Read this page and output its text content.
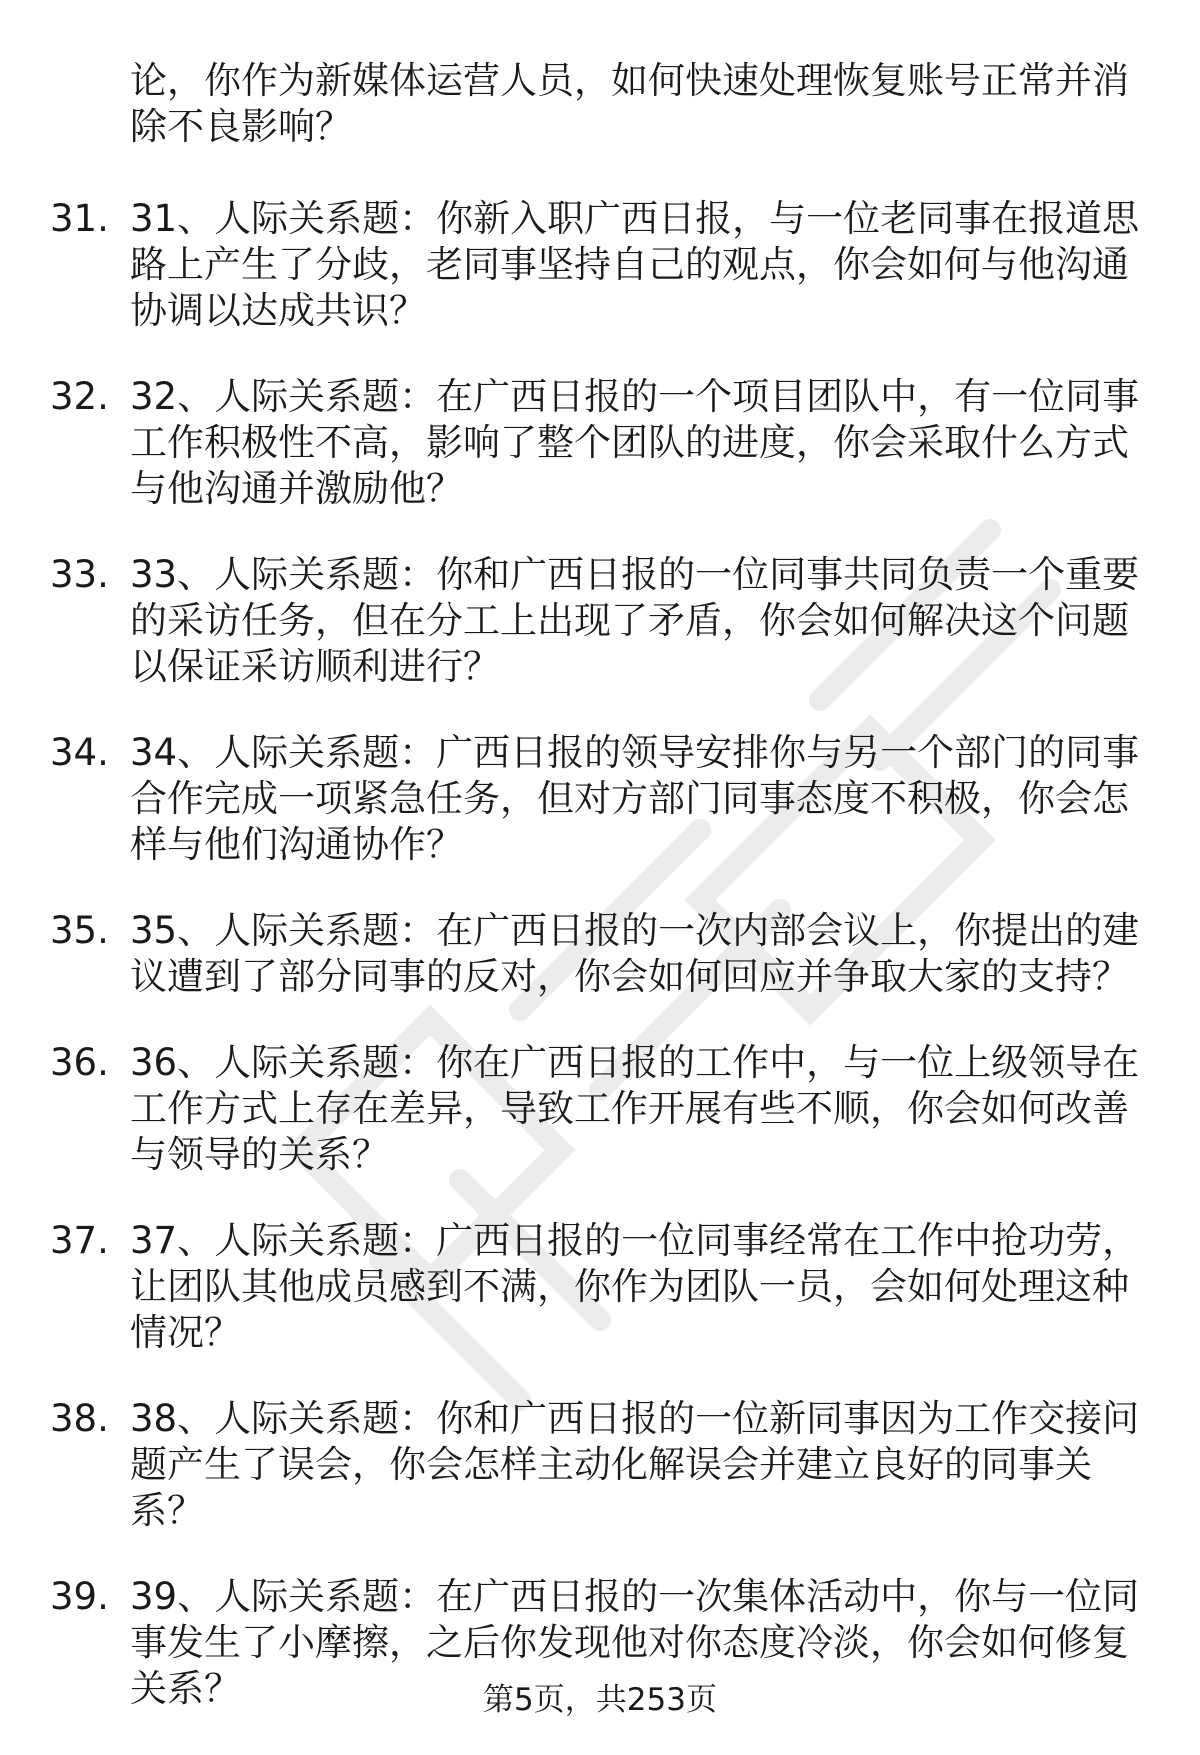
论，你作为新媒体运营人员，如何快速处理恢复账号正常并消除不良影响？

31. 31、人际关系题：你新入职广西日报，与一位老同事在报道思路上产生了分歧，老同事坚持自己的观点，你会如何与他沟通协调以达成共识？
32. 32、人际关系题：在广西日报的一个项目团队中，有一位同事工作积极性不高，影响了整个团队的进度，你会采取什么方式与他沟通并激励他？
33. 33、人际关系题：你和广西日报的一位同事共同负责一个重要的采访任务，但在分工上出现了矛盾，你会如何解决这个问题以保证采访顺利进行？
34. 34、人际关系题：广西日报的领导安排你与另一个部门的同事合作完成一项紧急任务，但对方部门同事态度不积极，你会怎样与他们沟通协作？
35. 35、人际关系题：在广西日报的一次内部会议上，你提出的建议遭到了部分同事的反对，你会如何回应并争取大家的支持？
36. 36、人际关系题：你在广西日报的工作中，与一位上级领导在工作方式上存在差异，导致工作开展有些不顺，你会如何改善与领导的关系？
37. 37、人际关系题：广西日报的一位同事经常在工作中抢功劳，让团队其他成员感到不满，你作为团队一员，会如何处理这种情况？
38. 38、人际关系题：你和广西日报的一位新同事因为工作交接问题产生了误会，你会怎样主动化解误会并建立良好的同事关系？
39. 39、人际关系题：在广西日报的一次集体活动中，你与一位同事发生了小摩擦，之后你发现他对你态度冷淡，你会如何修复关系？	第5页，共253页
